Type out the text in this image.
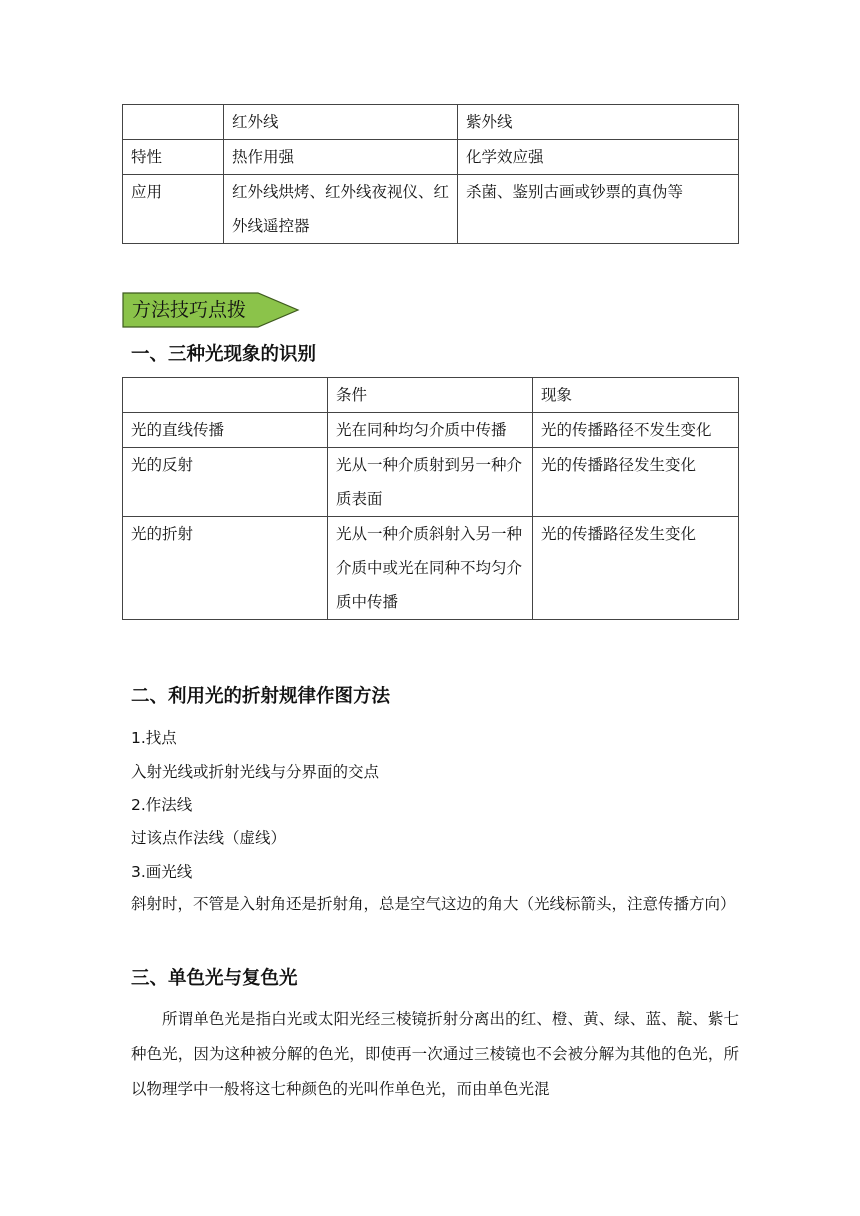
	红外线	紫外线
特性	热作用强	化学效应强
应用	红外线烘烤、红外线夜视仪、红外线遥控器	杀菌、鉴别古画或钞票的真伪等
方法技巧点拨
一、三种光现象的识别
	条件	现象
光的直线传播	光在同种均匀介质中传播	光的传播路径不发生变化
光的反射	光从一种介质射到另一种介质表面	光的传播路径发生变化
光的折射	光从一种介质斜射入另一种介质中或光在同种不均匀介质中传播	光的传播路径发生变化
二、利用光的折射规律作图方法
1.找点
入射光线或折射光线与分界面的交点
2.作法线
过该点作法线（虚线）
3.画光线
斜射时，不管是入射角还是折射角，总是空气这边的角大（光线标箭头，注意传播方向）
三、单色光与复色光
所谓单色光是指白光或太阳光经三棱镜折射分离出的红、橙、黄、绿、蓝、靛、紫七种色光，因为这种被分解的色光，即使再一次通过三棱镜也不会被分解为其他的色光，所以物理学中一般将这七种颜色的光叫作单色光，而由单色光混
